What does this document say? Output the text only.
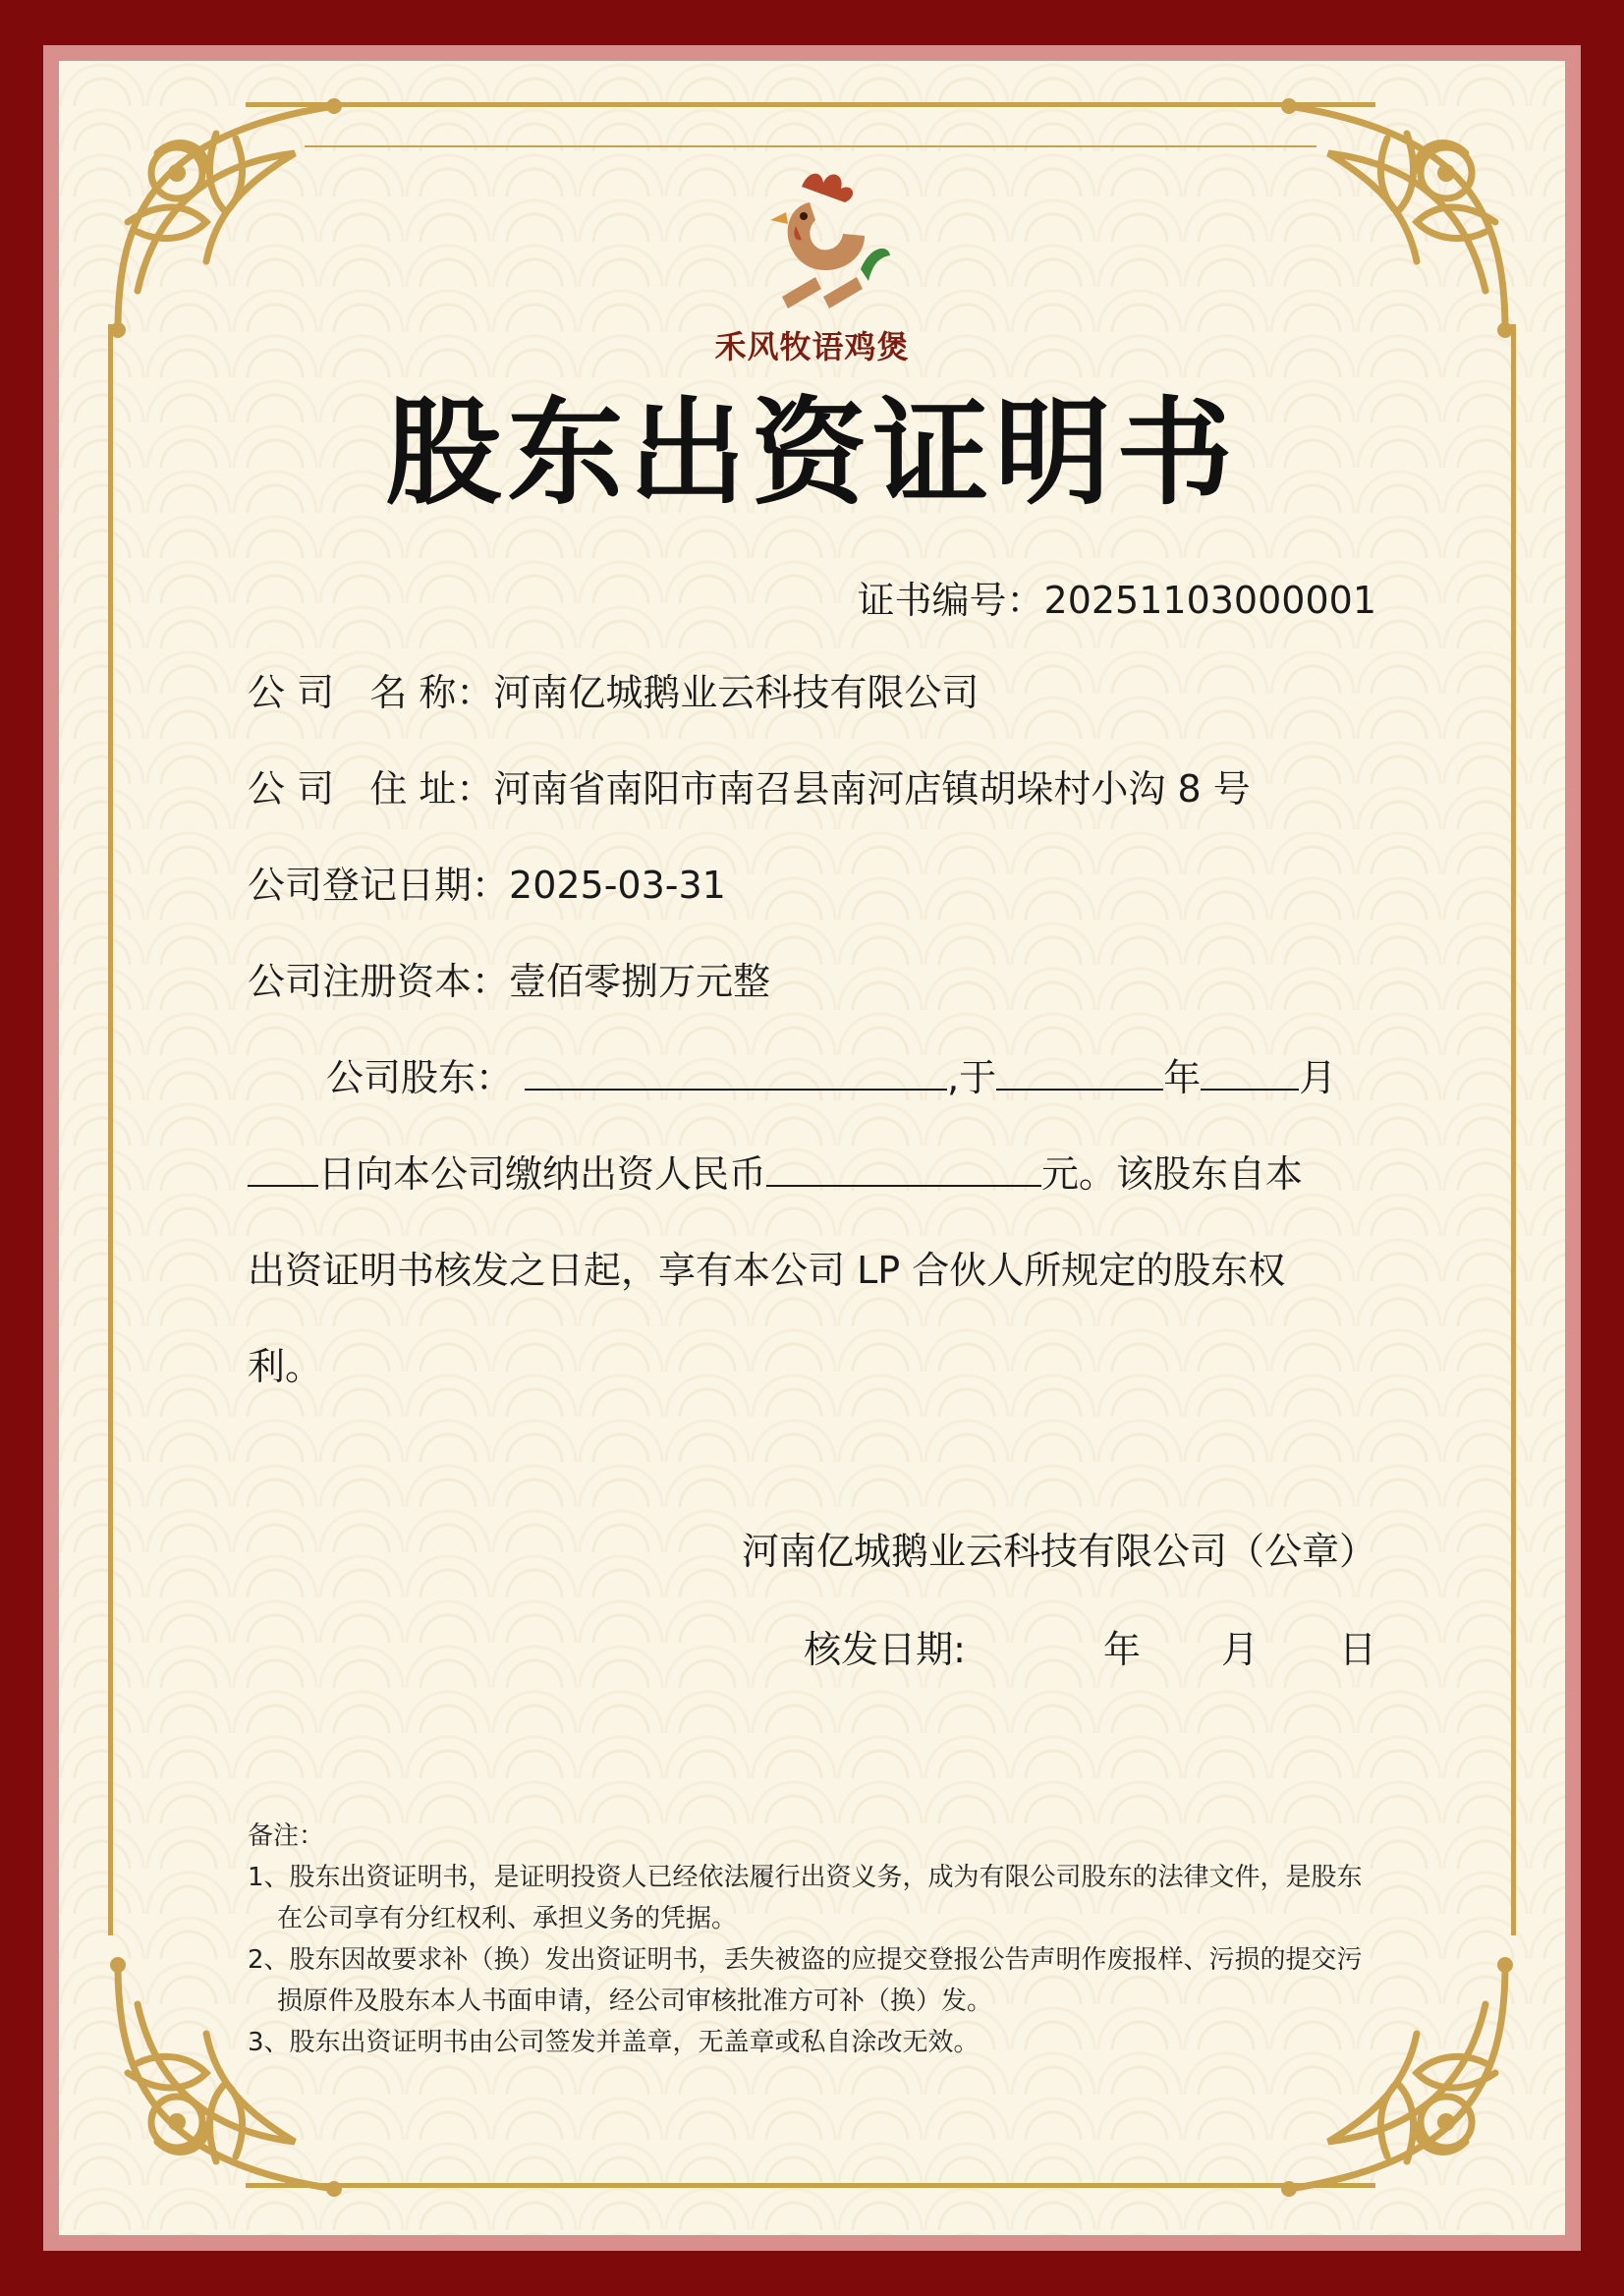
禾风牧语鸡煲
股东出资证明书
证书编号：20251103000001
公 司   名 称：河南亿城鹅业云科技有限公司
公 司   住 址：河南省南阳市南召县南河店镇胡垛村小沟 8 号
公司登记日期：2025-03-31
公司注册资本：壹佰零捌万元整
公司股东：	,于	年	月
日向本公司缴纳出资人民币	元。该股东自本
出资证明书核发之日起，享有本公司 LP 合伙人所规定的股东权
利。
河南亿城鹅业云科技有限公司（公章）
核发日期:	年 月 日
备注：
1、股东出资证明书，是证明投资人已经依法履行出资义务，成为有限公司股东的法律文件，是股东在公司享有分红权利、承担义务的凭据。
2、股东因故要求补（换）发出资证明书，丢失被盗的应提交登报公告声明作废报样、污损的提交污损原件及股东本人书面申请，经公司审核批准方可补（换）发。
3、股东出资证明书由公司签发并盖章，无盖章或私自涂改无效。
